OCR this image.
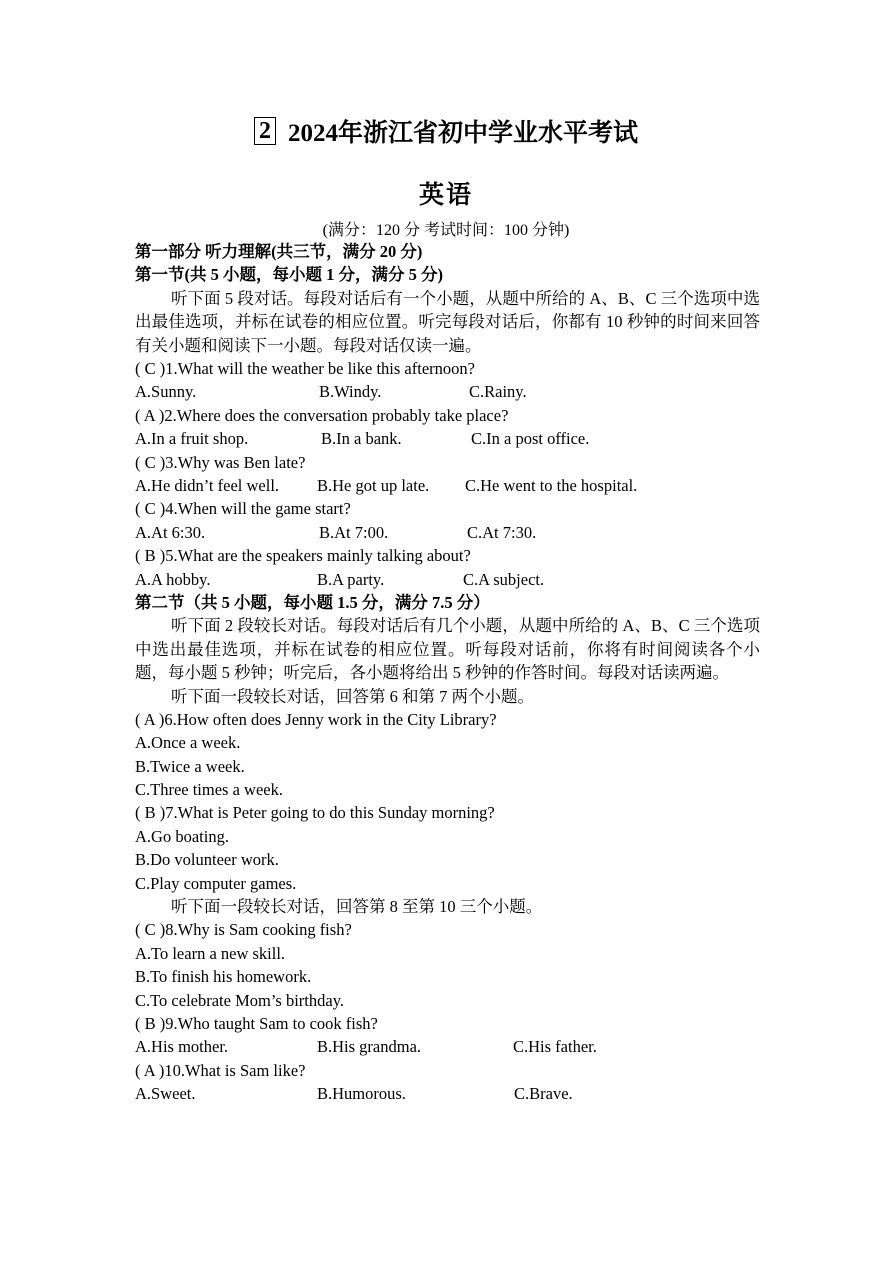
2 2024年浙江省初中学业水平考试
英语
(满分：120 分 考试时间：100 分钟)
第一部分 听力理解(共三节，满分 20 分)
第一节(共 5 小题，每小题 1 分，满分 5 分)
听下面 5 段对话。每段对话后有一个小题，从题中所给的 A、B、C 三个选项中选出最佳选项，并标在试卷的相应位置。听完每段对话后，你都有 10 秒钟的时间来回答有关小题和阅读下一小题。每段对话仅读一遍。
( C )1.What will the weather be like this afternoon?
A.Sunny.	B.Windy.	C.Rainy.
( A )2.Where does the conversation probably take place?
A.In a fruit shop.	B.In a bank.	C.In a post office.
( C )3.Why was Ben late?
A.He didn’t feel well. B.He got up late. C.He went to the hospital.
( C )4.When will the game start?
A.At 6:30.	B.At 7:00.	C.At 7:30.
( B )5.What are the speakers mainly talking about?
A.A hobby.	B.A party.	C.A subject.
第二节（共 5 小题，每小题 1.5 分，满分 7.5 分）
听下面 2 段较长对话。每段对话后有几个小题，从题中所给的 A、B、C 三个选项中选出最佳选项，并标在试卷的相应位置。听每段对话前，你将有时间阅读各个小题，每小题 5 秒钟；听完后，各小题将给出 5 秒钟的作答时间。每段对话读两遍。
听下面一段较长对话，回答第 6 和第 7 两个小题。
( A )6.How often does Jenny work in the City Library?
A.Once a week.
B.Twice a week.
C.Three times a week.
( B )7.What is Peter going to do this Sunday morning?
A.Go boating.
B.Do volunteer work.
C.Play computer games.
听下面一段较长对话，回答第 8 至第 10 三个小题。
( C )8.Why is Sam cooking fish?
A.To learn a new skill.
B.To finish his homework.
C.To celebrate Mom’s birthday.
( B )9.Who taught Sam to cook fish?
A.His mother.	B.His grandma.	C.His father.
( A )10.What is Sam like?
A.Sweet.	B.Humorous.	C.Brave.
